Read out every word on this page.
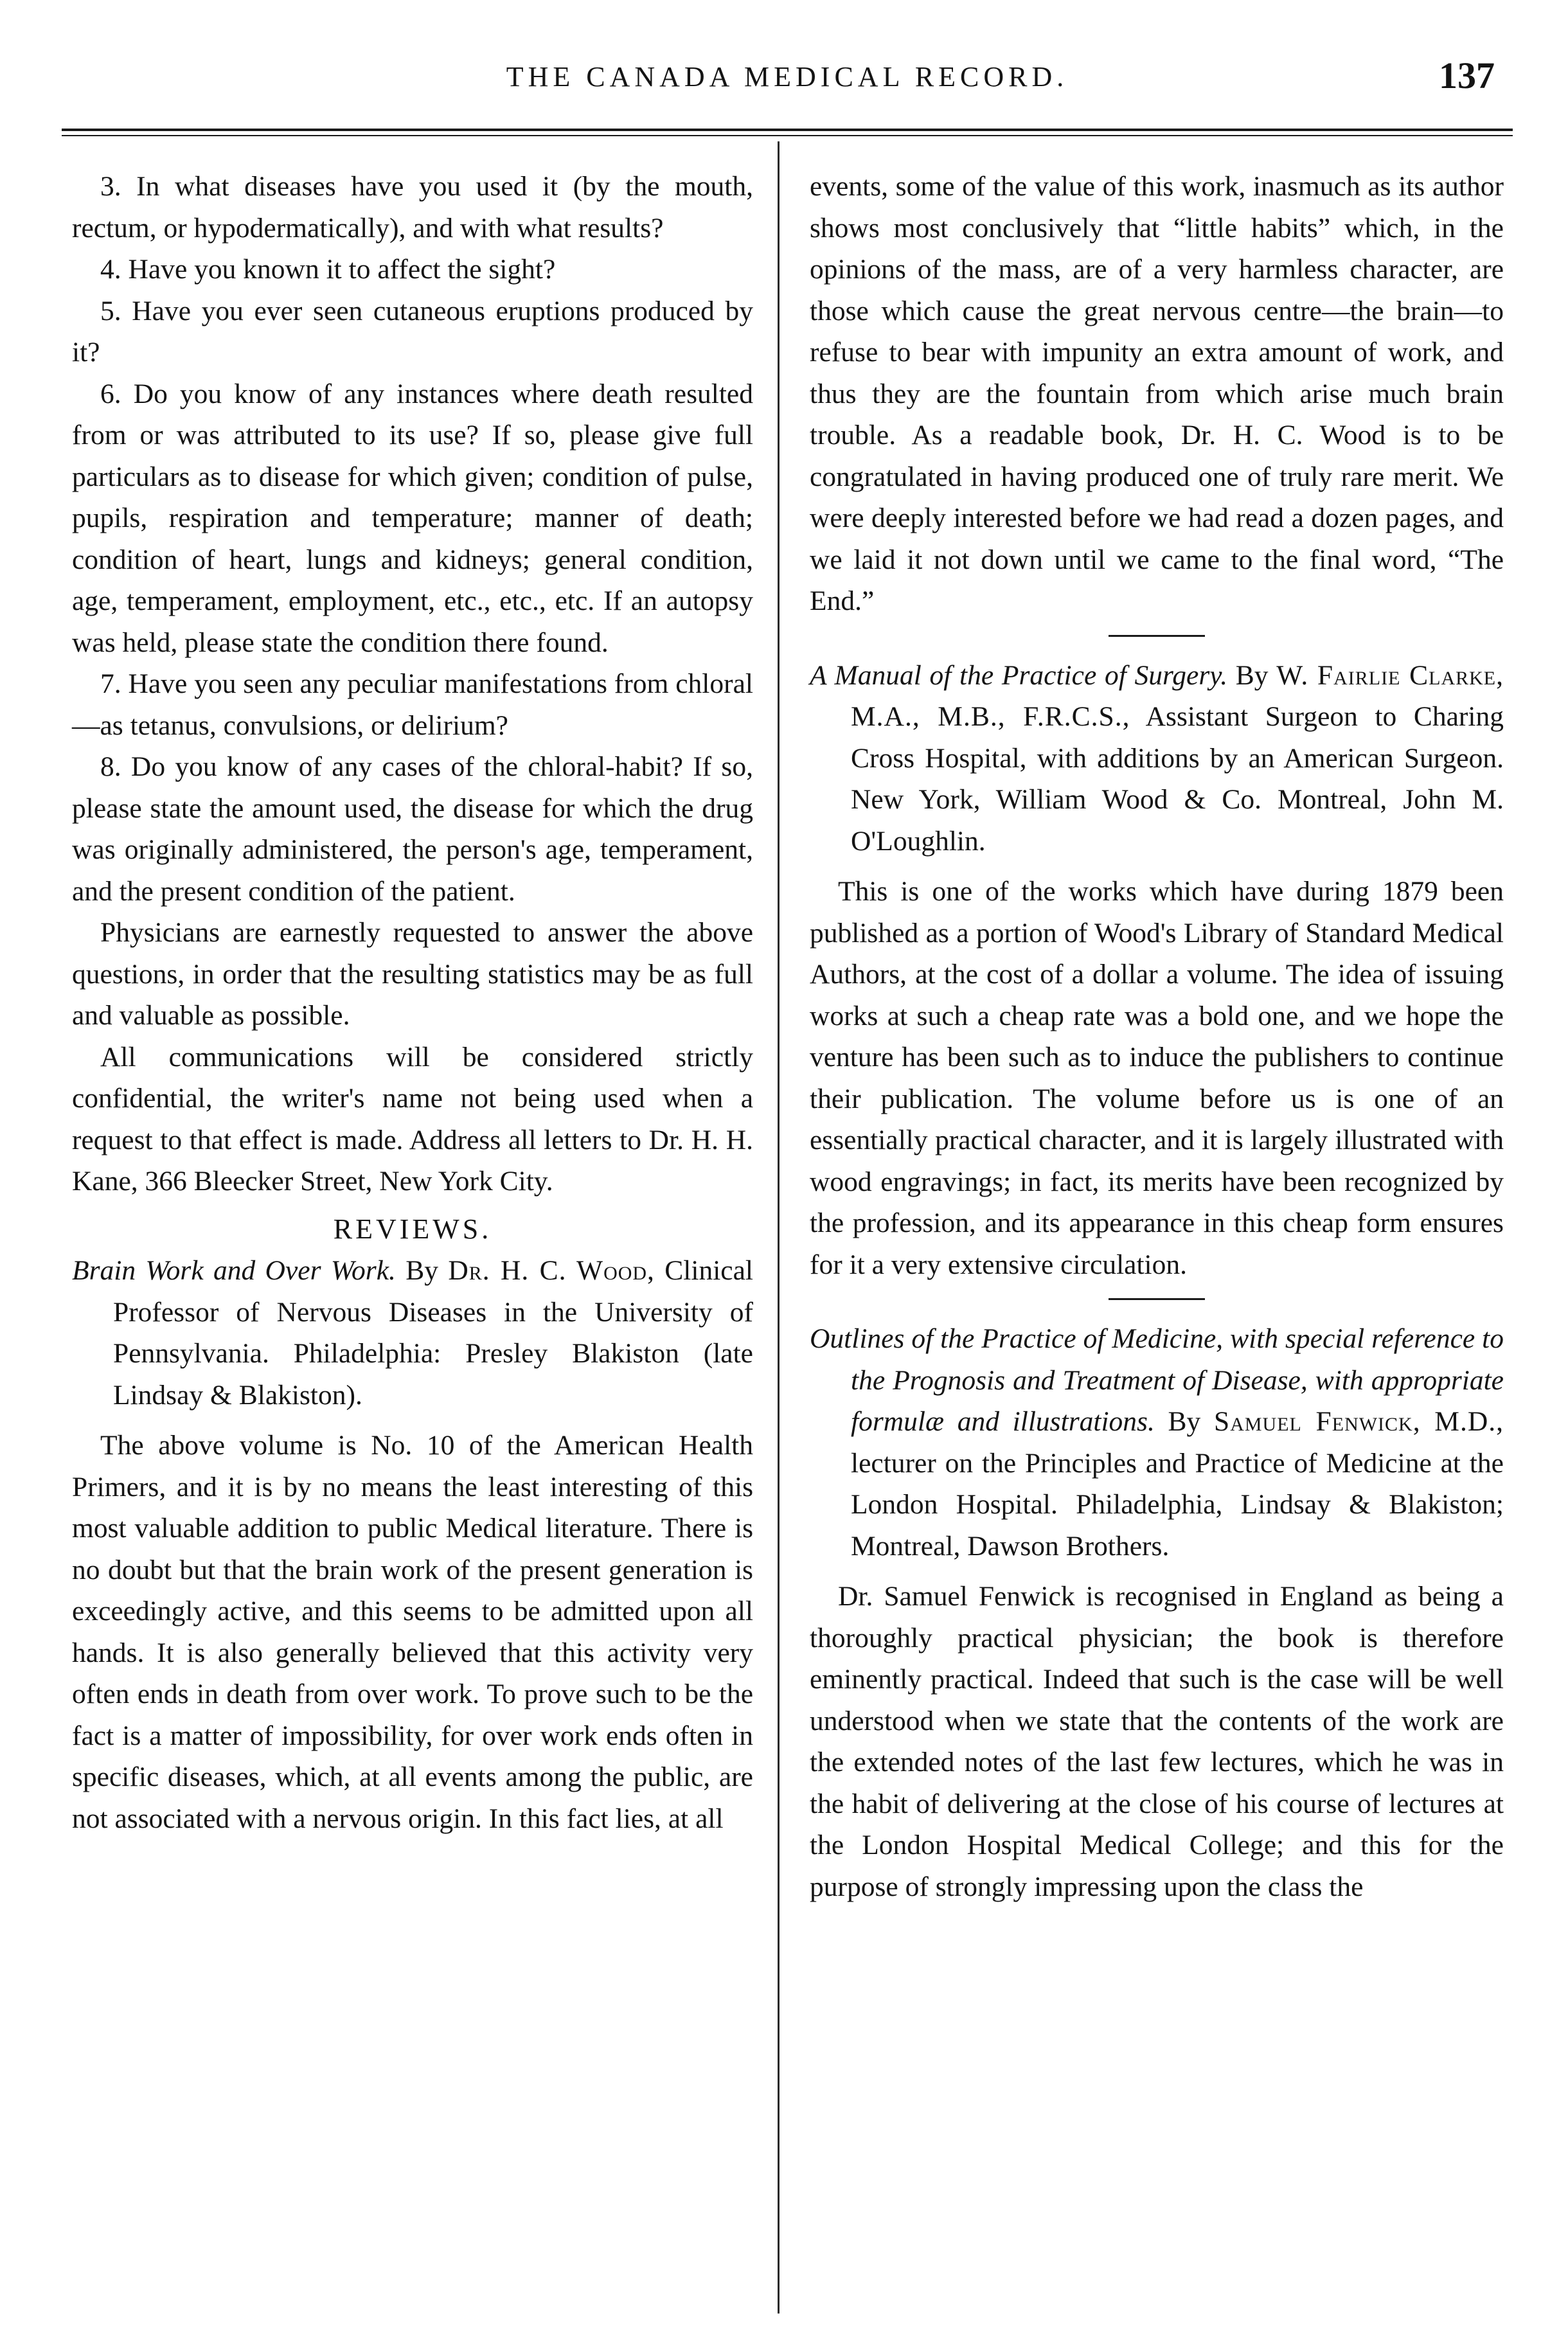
THE CANADA MEDICAL RECORD.	137

3. In what diseases have you used it (by the mouth, rectum, or hypodermatically), and with what results?

4. Have you known it to affect the sight?

5. Have you ever seen cutaneous eruptions produced by it?

6. Do you know of any instances where death resulted from or was attributed to its use? If so, please give full particulars as to disease for which given; condition of pulse, pupils, respiration and temperature; manner of death; condition of heart, lungs and kidneys; general condition, age, temperament, employment, etc., etc., etc. If an autopsy was held, please state the condition there found.

7. Have you seen any peculiar manifestations from chloral—as tetanus, convulsions, or delirium?

8. Do you know of any cases of the chloral-habit? If so, please state the amount used, the disease for which the drug was originally administered, the person's age, temperament, and the present condition of the patient.

Physicians are earnestly requested to answer the above questions, in order that the resulting statistics may be as full and valuable as possible.

All communications will be considered strictly confidential, the writer's name not being used when a request to that effect is made. Address all letters to Dr. H. H. Kane, 366 Bleecker Street, New York City.

REVIEWS.

Brain Work and Over Work. By Dr. H. C. Wood, Clinical Professor of Nervous Diseases in the University of Pennsylvania. Philadelphia: Presley Blakiston (late Lindsay & Blakiston).

The above volume is No. 10 of the American Health Primers, and it is by no means the least interesting of this most valuable addition to public Medical literature. There is no doubt but that the brain work of the present generation is exceedingly active, and this seems to be admitted upon all hands. It is also generally believed that this activity very often ends in death from over work. To prove such to be the fact is a matter of impossibility, for over work ends often in specific diseases, which, at all events among the public, are not associated with a nervous origin. In this fact lies, at all

events, some of the value of this work, inasmuch as its author shows most conclusively that “little habits” which, in the opinions of the mass, are of a very harmless character, are those which cause the great nervous centre—the brain—to refuse to bear with impunity an extra amount of work, and thus they are the fountain from which arise much brain trouble. As a readable book, Dr. H. C. Wood is to be congratulated in having produced one of truly rare merit. We were deeply interested before we had read a dozen pages, and we laid it not down until we came to the final word, “The End.”

A Manual of the Practice of Surgery. By W. Fairlie Clarke, M.A., M.B., F.R.C.S., Assistant Surgeon to Charing Cross Hospital, with additions by an American Surgeon. New York, William Wood & Co. Montreal, John M. O'Loughlin.

This is one of the works which have during 1879 been published as a portion of Wood's Library of Standard Medical Authors, at the cost of a dollar a volume. The idea of issuing works at such a cheap rate was a bold one, and we hope the venture has been such as to induce the publishers to continue their publication. The volume before us is one of an essentially practical character, and it is largely illustrated with wood engravings; in fact, its merits have been recognized by the profession, and its appearance in this cheap form ensures for it a very extensive circulation.

Outlines of the Practice of Medicine, with special reference to the Prognosis and Treatment of Disease, with appropriate formulæ and illustrations. By Samuel Fenwick, M.D., lecturer on the Principles and Practice of Medicine at the London Hospital. Philadelphia, Lindsay & Blakiston; Montreal, Dawson Brothers.

Dr. Samuel Fenwick is recognised in England as being a thoroughly practical physician; the book is therefore eminently practical. Indeed that such is the case will be well understood when we state that the contents of the work are the extended notes of the last few lectures, which he was in the habit of delivering at the close of his course of lectures at the London Hospital Medical College; and this for the purpose of strongly impressing upon the class the
